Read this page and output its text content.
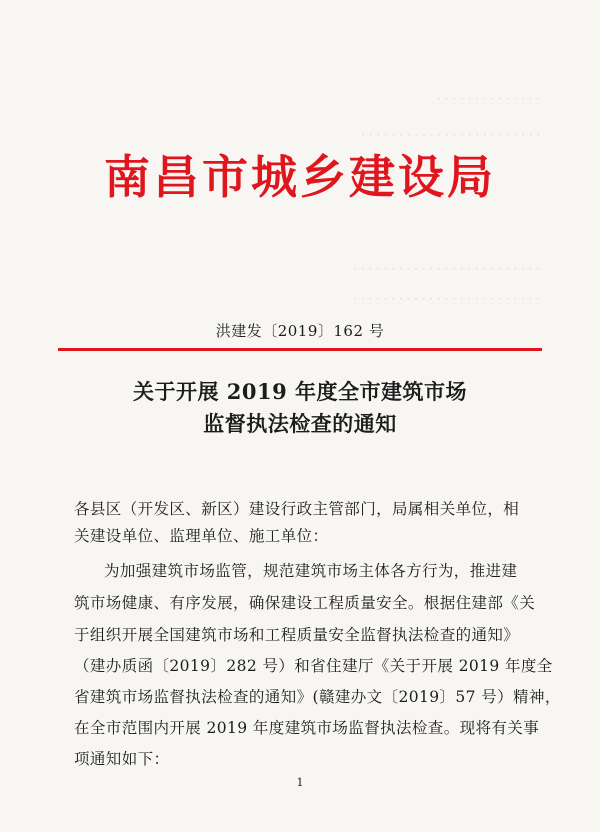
· · · · · · · · · · · · · ·
· · · · · · · · · · · · · · · · · · · · · · · ·
· · · · · · · · · · · · · · · · · · · · · · · · ·
· · · · · · · · · · · · · · · · · · · · · · · · ·
南昌市城乡建设局
洪建发〔2019〕162 号
关于开展 2019 年度全市建筑市场
监督执法检查的通知
各县区（开发区、新区）建设行政主管部门，局属相关单位，相
关建设单位、监理单位、施工单位：
为加强建筑市场监管，规范建筑市场主体各方行为，推进建
筑市场健康、有序发展，确保建设工程质量安全。根据住建部《关
于组织开展全国建筑市场和工程质量安全监督执法检查的通知》
（建办质函〔2019〕282 号）和省住建厅《关于开展 2019 年度全
省建筑市场监督执法检查的通知》(赣建办文〔2019〕57 号）精神，
在全市范围内开展 2019 年度建筑市场监督执法检查。现将有关事
项通知如下：
1
